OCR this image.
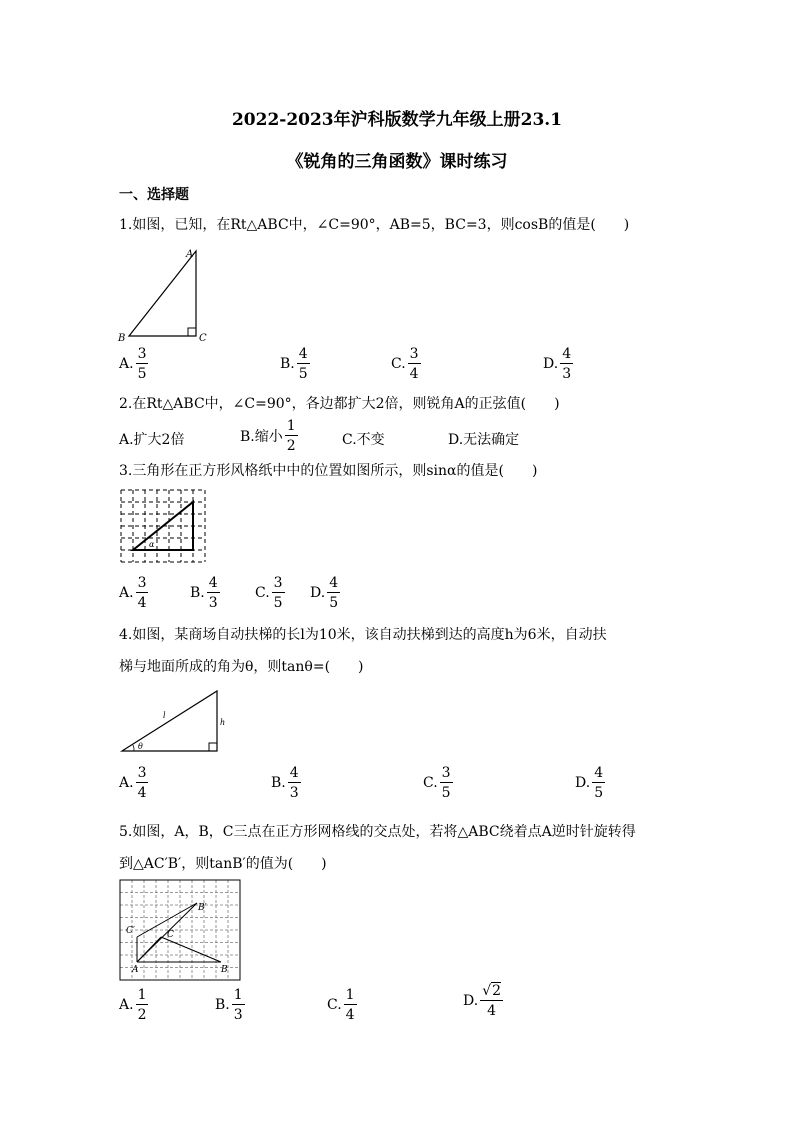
2022-2023年沪科版数学九年级上册23.1
《锐角的三角函数》课时练习
一、选择题
1.如图，已知，在Rt△ABC中，∠C=90°，AB=5，BC=3，则cosB的值是(　　)
A
B	C
A. $\frac{3}{5}$	B. $\frac{4}{5}$	C. $\frac{3}{4}$	D. $\frac{4}{3}$
2.在Rt△ABC中，∠C=90°，各边都扩大2倍，则锐角A的正弦值(　　)
A.扩大2倍	B.缩小 $\frac{1}{2}$	C.不变	D.无法确定
3.三角形在正方形风格纸中中的位置如图所示，则sinα的值是(　　)
α
A. $\frac{3}{4}$	B. $\frac{4}{3}$	C. $\frac{3}{5} D$. $\frac{4}{5}$
4.如图，某商场自动扶梯的长l为10米，该自动扶梯到达的高度h为6米，自动扶
梯与地面所成的角为θ，则tanθ=(　　)
l
h
θ
A. $\frac{3}{4}$	B. $\frac{4}{3}$	C. $\frac{3}{5}$	D. $\frac{4}{5}$
5.如图，A，B，C三点在正方形网格线的交点处，若将△ABC绕着点A逆时针旋转得
到△AC′B′，则tanB′的值为(　　)
A	B
C
B′
C′
A. $\frac{1}{2}$	B. $\frac{1}{3}$	C. $\frac{1}{4}$	D. $\frac{√2}{4}$
